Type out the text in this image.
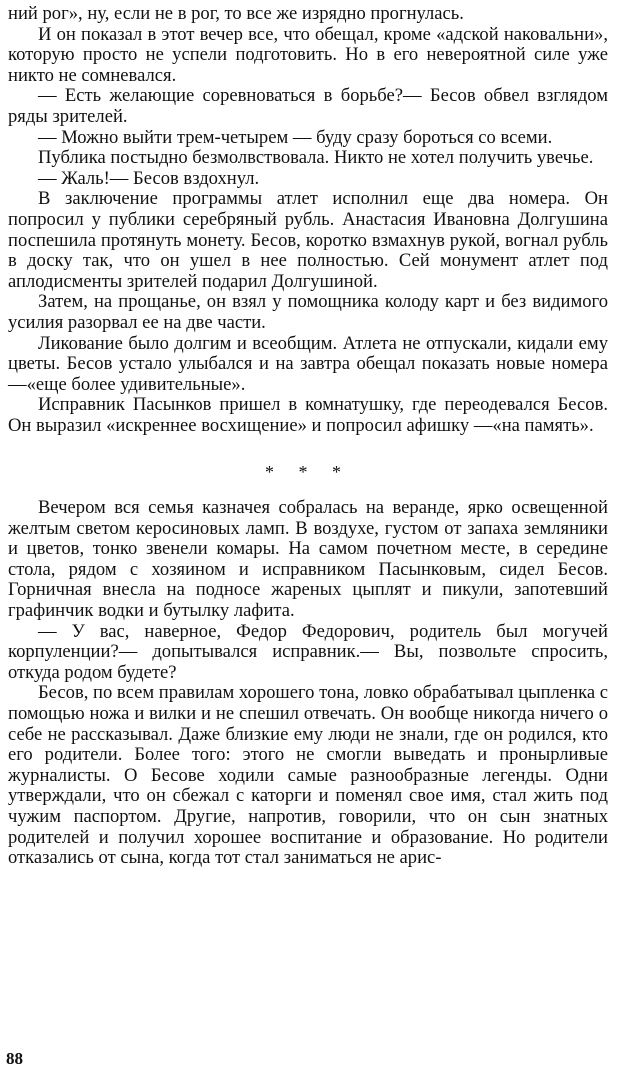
ний рог», ну, если не в рог, то все же изрядно прогнулась.

И он показал в этот вечер все, что обещал, кроме «адской наковальни», которую просто не успели подготовить. Но в его невероятной силе уже никто не сомневался.

— Есть желающие соревноваться в борьбе?— Бесов обвел взглядом ряды зрителей.

— Можно выйти трем-четырем — буду сразу бороться со всеми.

Публика постыдно безмолвствовала. Никто не хотел получить увечье.

— Жаль!— Бесов вздохнул.

В заключение программы атлет исполнил еще два номера. Он попросил у публики серебряный рубль. Анастасия Ивановна Долгушина поспешила протянуть монету. Бесов, коротко взмахнув рукой, вогнал рубль в доску так, что он ушел в нее полностью. Сей монумент атлет под аплодисменты зрителей подарил Долгушиной.

Затем, на прощанье, он взял у помощника колоду карт и без видимого усилия разорвал ее на две части.

Ликование было долгим и всеобщим. Атлета не отпускали, кидали ему цветы. Бесов устало улыбался и на завтра обещал показать новые номера —«еще более удивительные».

Исправник Пасынков пришел в комнатушку, где переодевался Бесов. Он выразил «искреннее восхищение» и попросил афишку —«на память».

* * *

Вечером вся семья казначея собралась на веранде, ярко освещенной желтым светом керосиновых ламп. В воздухе, густом от запаха земляники и цветов, тонко звенели комары. На самом почетном месте, в середине стола, рядом с хозяином и исправником Пасынковым, сидел Бесов. Горничная внесла на подносе жареных цыплят и пикули, запотевший графинчик водки и бутылку лафита.

— У вас, наверное, Федор Федорович, родитель был могучей корпуленции?— допытывался исправник.— Вы, позвольте спросить, откуда родом будете?

Бесов, по всем правилам хорошего тона, ловко обрабатывал цыпленка с помощью ножа и вилки и не спешил отвечать. Он вообще никогда ничего о себе не рассказывал. Даже близкие ему люди не знали, где он родился, кто его родители. Более того: этого не смогли выведать и пронырливые журналисты. О Бесове ходили самые разнообразные легенды. Одни утверждали, что он сбежал с каторги и поменял свое имя, стал жить под чужим паспортом. Другие, напротив, говорили, что он сын знатных родителей и получил хорошее воспитание и образование. Но родители отказались от сына, когда тот стал заниматься не арис-

88
